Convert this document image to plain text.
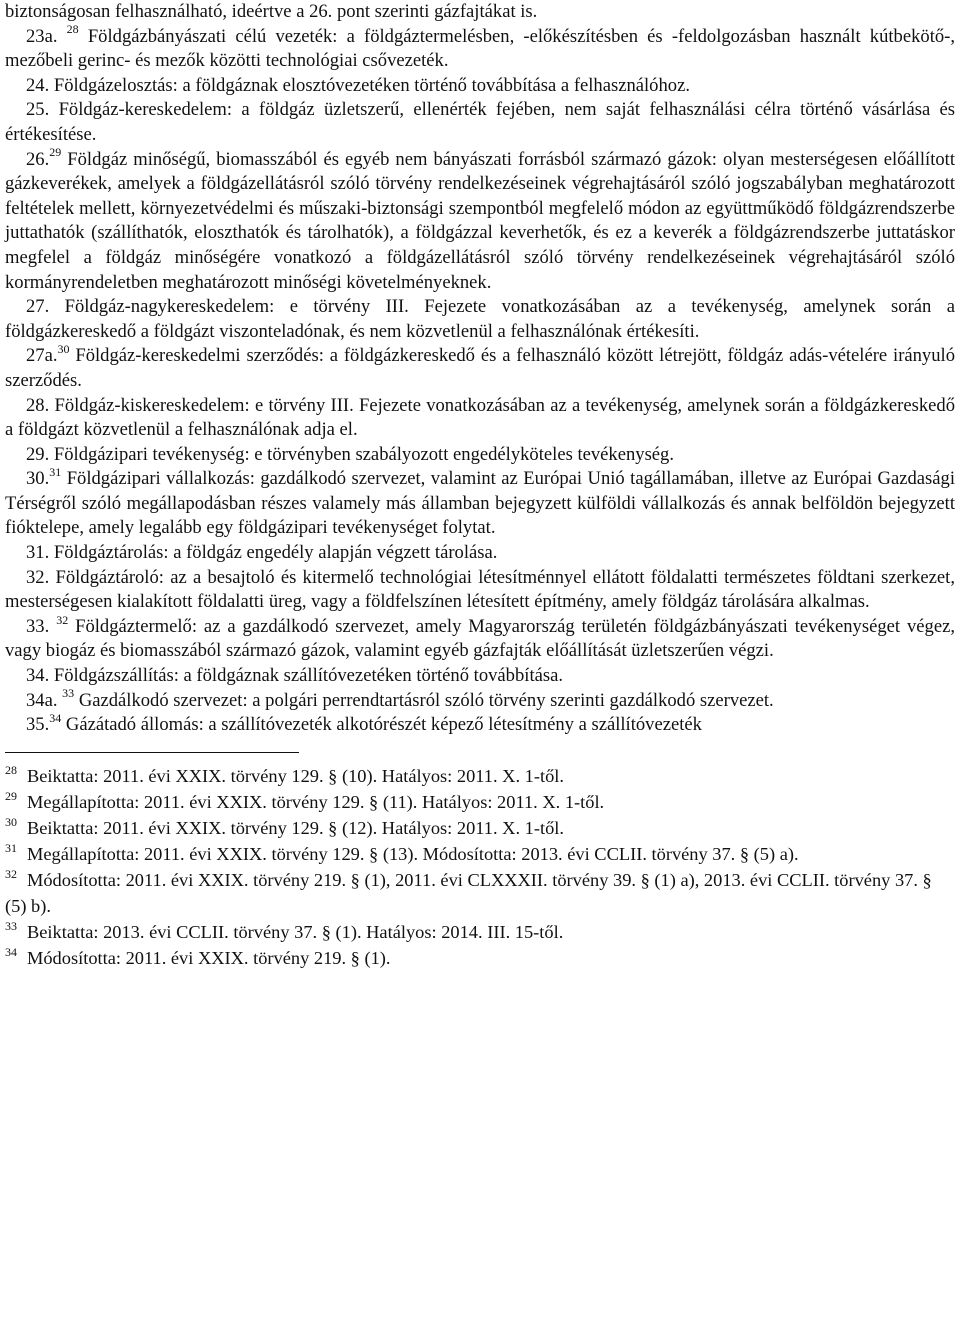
biztonságosan felhasználható, ideértve a 26. pont szerinti gázfajtákat is.

23a. $^{28}$ Földgázbányászati célú vezeték: a földgáztermelésben, -előkészítésben és -feldolgozásban használt kútbekötő-, mezőbeli gerinc- és mezők közötti technológiai csővezeték.

24. Földgázelosztás: a földgáznak elosztóvezetéken történő továbbítása a felhasználóhoz.

25. Földgáz-kereskedelem: a földgáz üzletszerű, ellenérték fejében, nem saját felhasználási célra történő vásárlása és értékesítése.

26.29 Földgáz minőségű, biomasszából és egyéb nem bányászati forrásból származó gázok: olyan mesterségesen előállított gázkeverékek, amelyek a földgázellátásról szóló törvény rendelkezéseinek végrehajtásáról szóló jogszabályban meghatározott feltételek mellett, környezetvédelmi és műszaki-biztonsági szempontból megfelelő módon az együttműködő földgázrendszerbe juttathatók (szállíthatók, eloszthatók és tárolhatók), a földgázzal keverhetők, és ez a keverék a földgázrendszerbe juttatáskor megfelel a földgáz minőségére vonatkozó a földgázellátásról szóló törvény rendelkezéseinek végrehajtásáról szóló kormányrendeletben meghatározott minőségi követelményeknek.

27. Földgáz-nagykereskedelem: e törvény III. Fejezete vonatkozásában az a tevékenység, amelynek során a földgázkereskedő a földgázt viszonteladónak, és nem közvetlenül a felhasználónak értékesíti.

27a.$^{30}$ Földgáz-kereskedelmi szerződés: a földgázkereskedő és a felhasználó között létrejött, földgáz adás-vételére irányuló szerződés.

28. Földgáz-kiskereskedelem: e törvény III. Fejezete vonatkozásában az a tevékenység, amelynek során a földgázkereskedő a földgázt közvetlenül a felhasználónak adja el.

29. Földgázipari tevékenység: e törvényben szabályozott engedélyköteles tevékenység.

30.31 Földgázipari vállalkozás: gazdálkodó szervezet, valamint az Európai Unió tagállamában, illetve az Európai Gazdasági Térségről szóló megállapodásban részes valamely más államban bejegyzett külföldi vállalkozás és annak belföldön bejegyzett fióktelepe, amely legalább egy földgázipari tevékenységet folytat.

31. Földgáztárolás: a földgáz engedély alapján végzett tárolása.

32. Földgáztároló: az a besajtoló és kitermelő technológiai létesítménnyel ellátott földalatti természetes földtani szerkezet, mesterségesen kialakított földalatti üreg, vagy a földfelszínen létesített építmény, amely földgáz tárolására alkalmas.

33. $^{32}$ Földgáztermelő: az a gazdálkodó szervezet, amely Magyarország területén földgázbányászati tevékenységet végez, vagy biogáz és biomasszából származó gázok, valamint egyéb gázfajták előállítását üzletszerűen végzi.

34. Földgázszállítás: a földgáznak szállítóvezetéken történő továbbítása.

34a. $^{33}$ Gazdálkodó szervezet: a polgári perrendtartásról szóló törvény szerinti gazdálkodó szervezet.

35.34 Gázátadó állomás: a szállítóvezeték alkotórészét képező létesítmény a szállítóvezeték

$^{28}$ Beiktatta: 2011. évi XXIX. törvény 129. § (10). Hatályos: 2011. X. 1-től.

$^{29}$ Megállapította: 2011. évi XXIX. törvény 129. § (11). Hatályos: 2011. X. 1-től.

$^{30}$ Beiktatta: 2011. évi XXIX. törvény 129. § (12). Hatályos: 2011. X. 1-től.

$^{31}$ Megállapította: 2011. évi XXIX. törvény 129. § (13). Módosította: 2013. évi CCLII. törvény 37. § (5) a).

$^{32}$ Módosította: 2011. évi XXIX. törvény 219. § (1), 2011. évi CLXXXII. törvény 39. § (1) a), 2013. évi CCLII. törvény 37. § (5) b).

$^{33}$ Beiktatta: 2013. évi CCLII. törvény 37. § (1). Hatályos: 2014. III. 15-től.

$^{34}$ Módosította: 2011. évi XXIX. törvény 219. § (1).
